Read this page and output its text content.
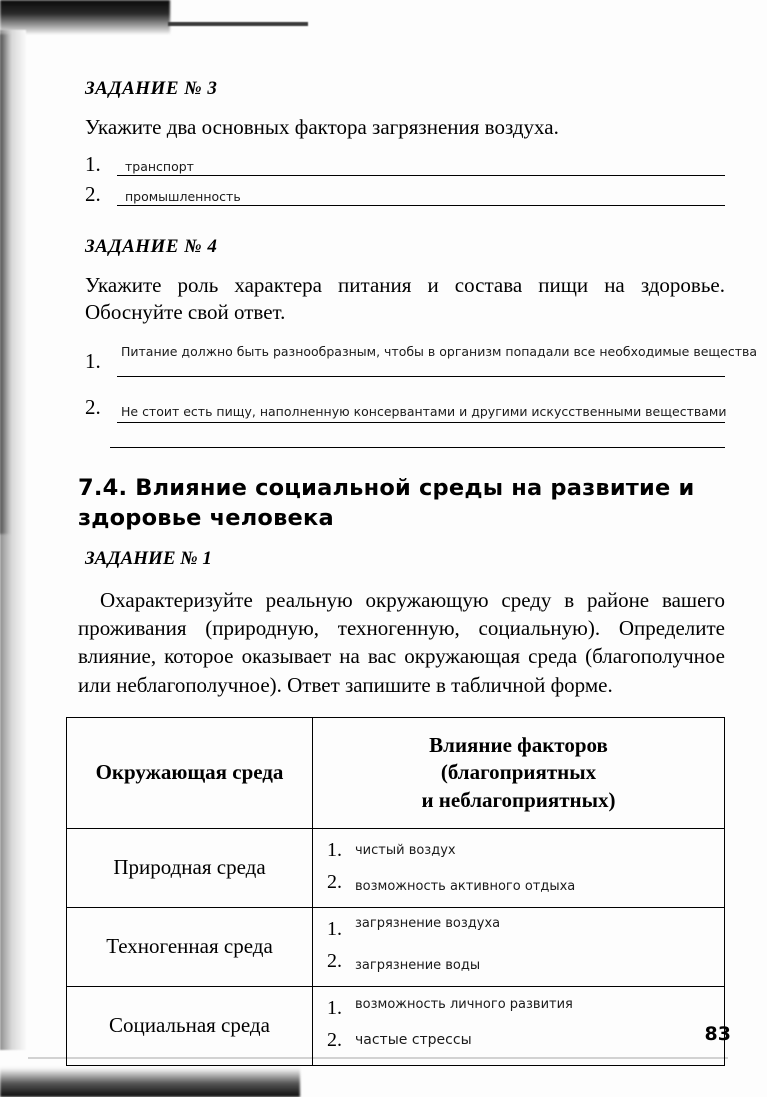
ЗАДАНИЕ № 3
Укажите два основных фактора загрязнения воздуха.
1. транспорт
2. промышленность
ЗАДАНИЕ № 4
Укажите роль характера питания и состава пищи на здоровье. Обоснуйте свой ответ.
1. Питание должно быть разнообразным, чтобы в организм попадали все необходимые вещества
2. Не стоит есть пищу, наполненную консервантами и другими искусственными веществами
7.4. Влияние социальной среды на развитие и здоровье человека
ЗАДАНИЕ № 1
Охарактеризуйте реальную окружающую среду в районе вашего проживания (природную, техногенную, социальную). Определите влияние, которое оказывает на вас окружающая среда (благополучное или неблагополучное). Ответ запишите в табличной форме.
Окружающая среда	Влияние факторов
(благоприятных
и неблагоприятных)

Природная среда	1. чистый воздух
2. возможность активного отдыха

Техногенная среда	1. загрязнение воздуха
2. загрязнение воды

Социальная среда	1. возможность личного развития
2. частые стрессы	83
